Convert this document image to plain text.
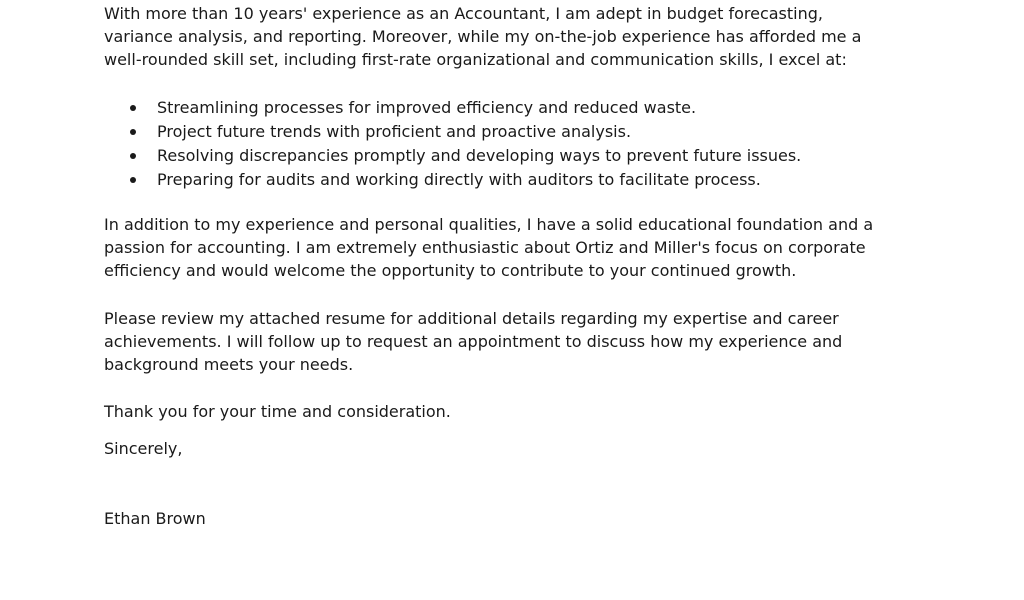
With more than 10 years' experience as an Accountant, I am adept in budget forecasting,
variance analysis, and reporting. Moreover, while my on-the-job experience has afforded me a
well-rounded skill set, including first-rate organizational and communication skills, I excel at:
Streamlining processes for improved efficiency and reduced waste.
Project future trends with proficient and proactive analysis.
Resolving discrepancies promptly and developing ways to prevent future issues.
Preparing for audits and working directly with auditors to facilitate process.
In addition to my experience and personal qualities, I have a solid educational foundation and a
passion for accounting. I am extremely enthusiastic about Ortiz and Miller's focus on corporate
efficiency and would welcome the opportunity to contribute to your continued growth.
Please review my attached resume for additional details regarding my expertise and career
achievements. I will follow up to request an appointment to discuss how my experience and
background meets your needs.
Thank you for your time and consideration.
Sincerely,
Ethan Brown
